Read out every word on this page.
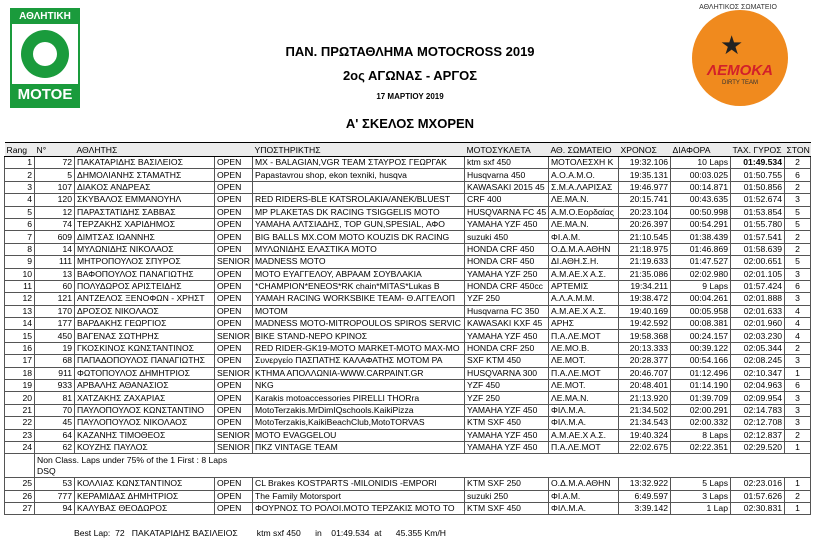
ΑΘΛΗΤΙΚΗ
MOTOE
ΑΘΛΗΤΙΚΟΣ ΣΩΜΑΤΕΙΟ
★
ΛΕΜΟΚΑ
DIRTY TEAM
ΠΑΝ. ΠΡΩΤΑΘΛΗΜΑ MOTOCROSS 2019
2ος ΑΓΩΝΑΣ - ΑΡΓΟΣ
17 ΜΑΡΤΙΟΥ 2019
Α' ΣΚΕΛΟΣ ΜΧΟΡΕΝ
Rang	N°	ΑΘΛΗΤΗΣ		ΥΠΟΣΤΗΡΙΚΤΗΣ	ΜΟΤΟΣΥΚΛΕΤΑ	ΑΘ. ΣΩΜΑΤΕΙΟ	ΧΡΟΝΟΣ	ΔΙΑΦΟΡΑ	ΤΑΧ. ΓΥΡΟΣ	ΣΤΟΝ
1	72	ΠΑΚΑΤΑΡΙΔΗΣ ΒΑΣΙΛΕΙΟΣ	OPEN	MX - BALAGIAN,VGR TEAM ΣΤΑΥΡΟΣ ΓΕΩΡΓΑΚ	ktm sxf 450	ΜΟΤΟΛΕΣΧΗ Κ	19:32.106	10 Laps	01:49.534	2
2	5	ΔΗΜΟΛΙΑΝΗΣ ΣΤΑΜΑΤΗΣ	OPEN	Papastavrou shop, ekon texniki, husqva	Husqvarna 450	Α.Ο.Α.Μ.Ο.	19:35.131	00:03.025	01:50.755	6
3	107	ΔΙΑΚΟΣ ΑΝΔΡΕΑΣ	OPEN		KAWASAKI 2015 45	Σ.Μ.Α.ΛΑΡΙΣΑΣ	19:46.977	00:14.871	01:50.856	2
4	120	ΣΚΥΒΑΛΟΣ ΕΜΜΑΝΟΥΗΛ	OPEN	RED RIDERS-BLE KATSROLAKIA/ANEK/BLUEST	CRF 400	ΛΕ.ΜΑ.Ν.	20:15.741	00:43.635	01:52.674	3
5	12	ΠΑΡΑΣΤΑΤΙΔΗΣ ΣΑΒΒΑΣ	OPEN	MP PLAKETAS DK RACING TSIGGELIS MOTO	HUSQVARNA FC 45	Α.Μ.Ο.Εορδαίας	20:23.104	00:50.998	01:53.854	5
6	74	ΤΕΡΖΑΚΗΣ ΧΑΡΙΔΗΜΟΣ	OPEN	YAMAHA ΑΛΤΣΙΑΔΗΣ, TOP GUN,SPESIAL, ΑΦΟ	YAMAHA YZF 450	ΛΕ.ΜΑ.Ν.	20:26.397	00:54.291	01:55.780	5
7	609	ΔΙΜΤΣΑΣ ΙΩΑΝΝΗΣ	OPEN	BIG BALLS MX.COM MOTO KOUZIS DK RACING	suzuki 450	ΦΙ.Α.Μ.	21:10.545	01:38.439	01:57.541	2
8	14	ΜΥΛΩΝΙΔΗΣ ΝΙΚΟΛΑΟΣ	OPEN	ΜΥΛΩΝΙΔΗΣ ΕΛΑΣΤΙΚΑ MOTO	HONDA CRF 450	Ο.Δ.Μ.Α.ΑΘΗΝ	21:18.975	01:46.869	01:58.639	2
9	111	ΜΗΤΡΟΠΟΥΛΟΣ ΣΠΥΡΟΣ	SENIOR	MADNESS MOTO	HONDA CRF 450	ΔΙ.ΑΘΗ.Σ.Η.	21:19.633	01:47.527	02:00.651	5
10	13	ΒΑΦΟΠΟΥΛΟΣ ΠΑΝΑΓΙΩΤΗΣ	OPEN	ΜΟΤΟ ΕΥΑΓΓΕΛΟΥ, ΑΒΡΑΑΜ ΣΟΥΒΛΑΚΙΑ	YAMAHA YZF 250	Α.Μ.ΑΕ.Χ Α.Σ.	21:35.086	02:02.980	02:01.105	3
11	60	ΠΟΛΥΔΩΡΟΣ ΑΡΙΣΤΕΙΔΗΣ	OPEN	*CHAMPION*ENEOS*RK chain*MITAS*Lukas B	HONDA CRF 450cc	ΑΡΤΕΜΙΣ	19:34.211	9 Laps	01:57.424	6
12	121	ΑΝΤΖΕΛΟΣ ΞΕΝΟΦΩΝ - ΧΡΗΣΤ	OPEN	YAMAH RACING WORKSBIKE TEAM- Θ.ΑΓΓΕΛΟΠ	YZF 250	Α.Λ.Α.Μ.Μ.	19:38.472	00:04.261	02:01.888	3
13	170	ΔΡΟΣΟΣ ΝΙΚΟΛΑΟΣ	OPEN	MOTOM	Husqvarna FC 350	Α.Μ.ΑΕ.Χ Α.Σ.	19:40.169	00:05.958	02:01.633	4
14	177	ΒΑΡΔΑΚΗΣ ΓΕΩΡΓΙΟΣ	OPEN	MADNESS MOTO-MITROPOULOS SPIROS SERVIC	KAWASAKI KXF 45	ΑΡΗΣ	19:42.592	00:08.381	02:01.960	4
15	450	ΒΑΓΕΝΑΣ ΣΩΤΗΡΗΣ	SENIOR	BIKE STAND-NEPO ΚΡΙΝΟΣ	YAMAHA YZF 450	Π.Α.ΛΕ.ΜΟΤ	19:58.368	00:24.157	02:03.230	4
16	19	ΓΚΟΣΚΙΝΟΣ ΚΩΝΣΤΑΝΤΙΝΟΣ	OPEN	RED RIDER-GK19-MOTO MARKET-MOTO MAX-MO	HONDA CRF 250	ΛΕ.ΜΟ.Β.	20:13.333	00:39.122	02:05.344	2
17	68	ΠΑΠΑΔΟΠΟΥΛΟΣ ΠΑΝΑΓΙΩΤΗΣ	OPEN	Συνεργείο ΠΑΣΠΑΤΗΣ ΚΑΛΑΦΑΤΗΣ ΜΟΤΟΜ ΡΑ	SXF KTM 450	ΛΕ.ΜΟΤ.	20:28.377	00:54.166	02:08.245	3
18	911	ΦΩΤΟΠΟΥΛΟΣ ΔΗΜΗΤΡΙΟΣ	SENIOR	ΚΤΗΜΑ ΑΠΟΛΛΩΝΙΑ-WWW.CARPAINT.GR	HUSQVARNA 300	Π.Α.ΛΕ.ΜΟΤ	20:46.707	01:12.496	02:10.347	1
19	933	ΑΡΒΑΛΗΣ ΑΘΑΝΑΣΙΟΣ	OPEN	NKG	YZF 450	ΛΕ.ΜΟΤ.	20:48.401	01:14.190	02:04.963	6
20	81	ΧΑΤΖΑΚΗΣ ΖΑΧΑΡΙΑΣ	OPEN	Karakis motoaccessories PIRELLI THORra	YZF 250	ΛΕ.ΜΑ.Ν.	21:13.920	01:39.709	02:09.954	3
21	70	ΠΑΥΛΟΠΟΥΛΟΣ ΚΩΝΣΤΑΝΤΙΝΟ	OPEN	MotoTerzakis.MrDimIQschools.KaikiPizza	YAMAHA YZF 450	ΦΙΛ.Μ.Α.	21:34.502	02:00.291	02:14.783	3
22	45	ΠΑΥΛΟΠΟΥΛΟΣ ΝΙΚΟΛΑΟΣ	OPEN	MotoTerzakis,KaikiBeachClub,MotoTORVAS	KTM SXF 450	ΦΙΛ.Μ.Α.	21:34.543	02:00.332	02:12.708	3
23	64	ΚΑΖΑΝΗΣ ΤΙΜΟΘΕΟΣ	SENIOR	MOTO EVAGGELOU	YAMAHA YZF 450	Α.Μ.ΑΕ.Χ Α.Σ.	19:40.324	8 Laps	02:12.837	2
24	62	ΚΟΥΖΗΣ ΠΑΥΛΟΣ	SENIOR	ΠΚΖ VINTAGE TEAM	YAMAHA YZF 450	Π.Α.ΛΕ.ΜΟΤ	22:02.675	02:22.351	02:29.520	1
	Non Class. Laps under 75% of the 1 First : 8 Laps									
	DSQ									
25	53	ΚΟΛΛΙΑΣ ΚΩΝΣΤΑΝΤΙΝΟΣ	OPEN	CL Brakes KOSTPARTS -MILONIDIS -EMPORI	KTM SXF 250	Ο.Δ.Μ.Α.ΑΘΗΝ	13:32.922	5 Laps	02:23.016	1
26	777	ΚΕΡΑΜΙΔΑΣ ΔΗΜΗΤΡΙΟΣ	OPEN	The Family Motorsport	suzuki 250	ΦΙ.Α.Μ.	6:49.597	3 Laps	01:57.626	2
27	94	ΚΑΛΥΒΑΣ ΘΕΟΔΩΡΟΣ	OPEN	ΦΟΥΡΝΟΣ ΤΟ ΡΟΛΟΙ.ΜΟΤΟ ΤΕΡΖΑΚΙΣ ΜΟΤΟ ΤΟ	KTM SXF 450	ΦΙΛ.Μ.Α.	3:39.142	1 Lap	02:30.831	1
Best Lap:  72   ΠΑΚΑΤΑΡΙΔΗΣ ΒΑΣΙΛΕΙΟΣ        ktm sxf 450      in    01:49.534  at      45.355 Km/H
